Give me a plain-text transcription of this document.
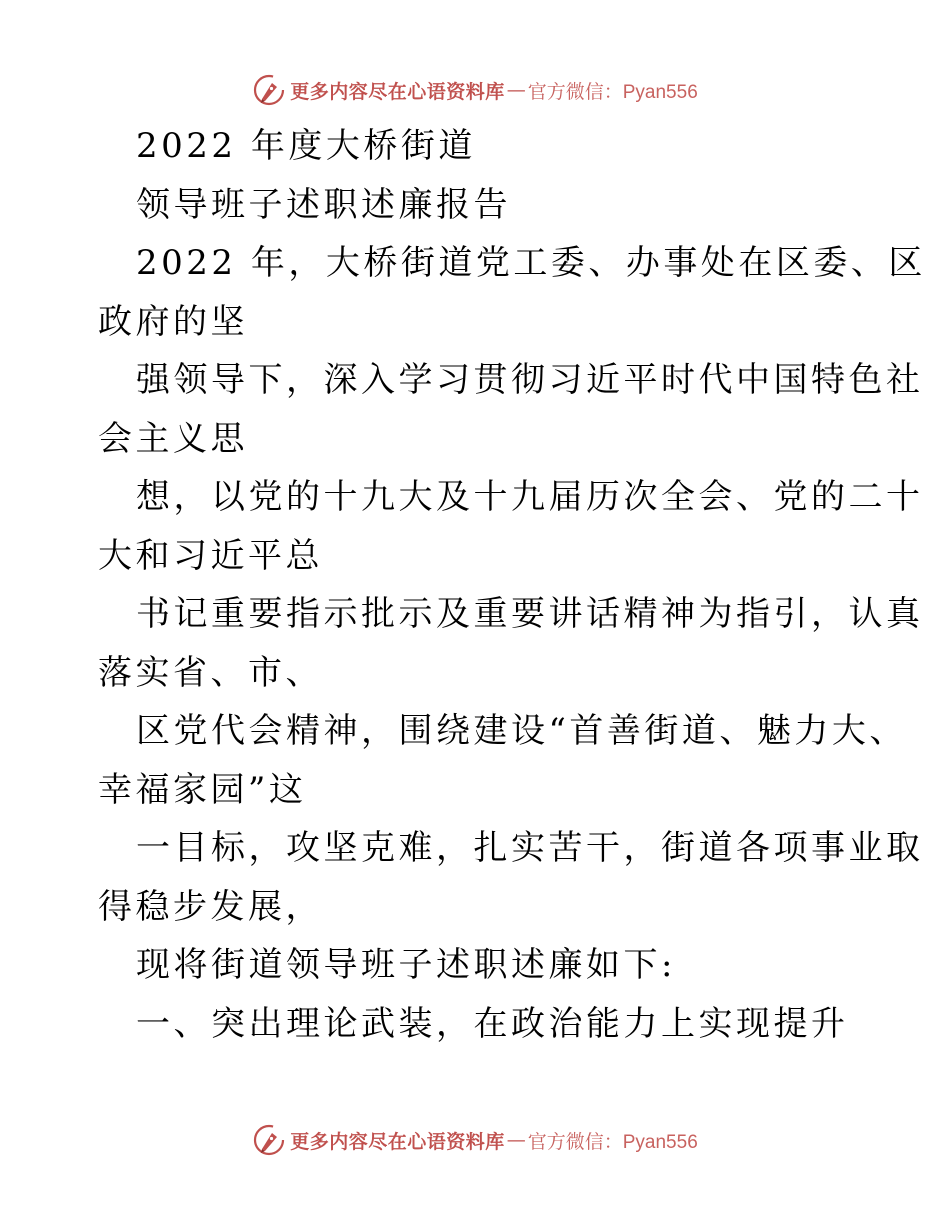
更多内容尽在心语资料库 — 官方微信：Pyan556
2022 年度大桥街道
领导班子述职述廉报告
2022 年，大桥街道党工委、办事处在区委、区
政府的坚
强领导下，深入学习贯彻习近平时代中国特色社
会主义思
想，以党的十九大及十九届历次全会、党的二十
大和习近平总
书记重要指示批示及重要讲话精神为指引，认真
落实省、市、
区党代会精神，围绕建设“首善街道、魅力大、
幸福家园”这
一目标，攻坚克难，扎实苦干，街道各项事业取
得稳步发展，
现将街道领导班子述职述廉如下:
一、突出理论武装，在政治能力上实现提升
更多内容尽在心语资料库 — 官方微信：Pyan556
